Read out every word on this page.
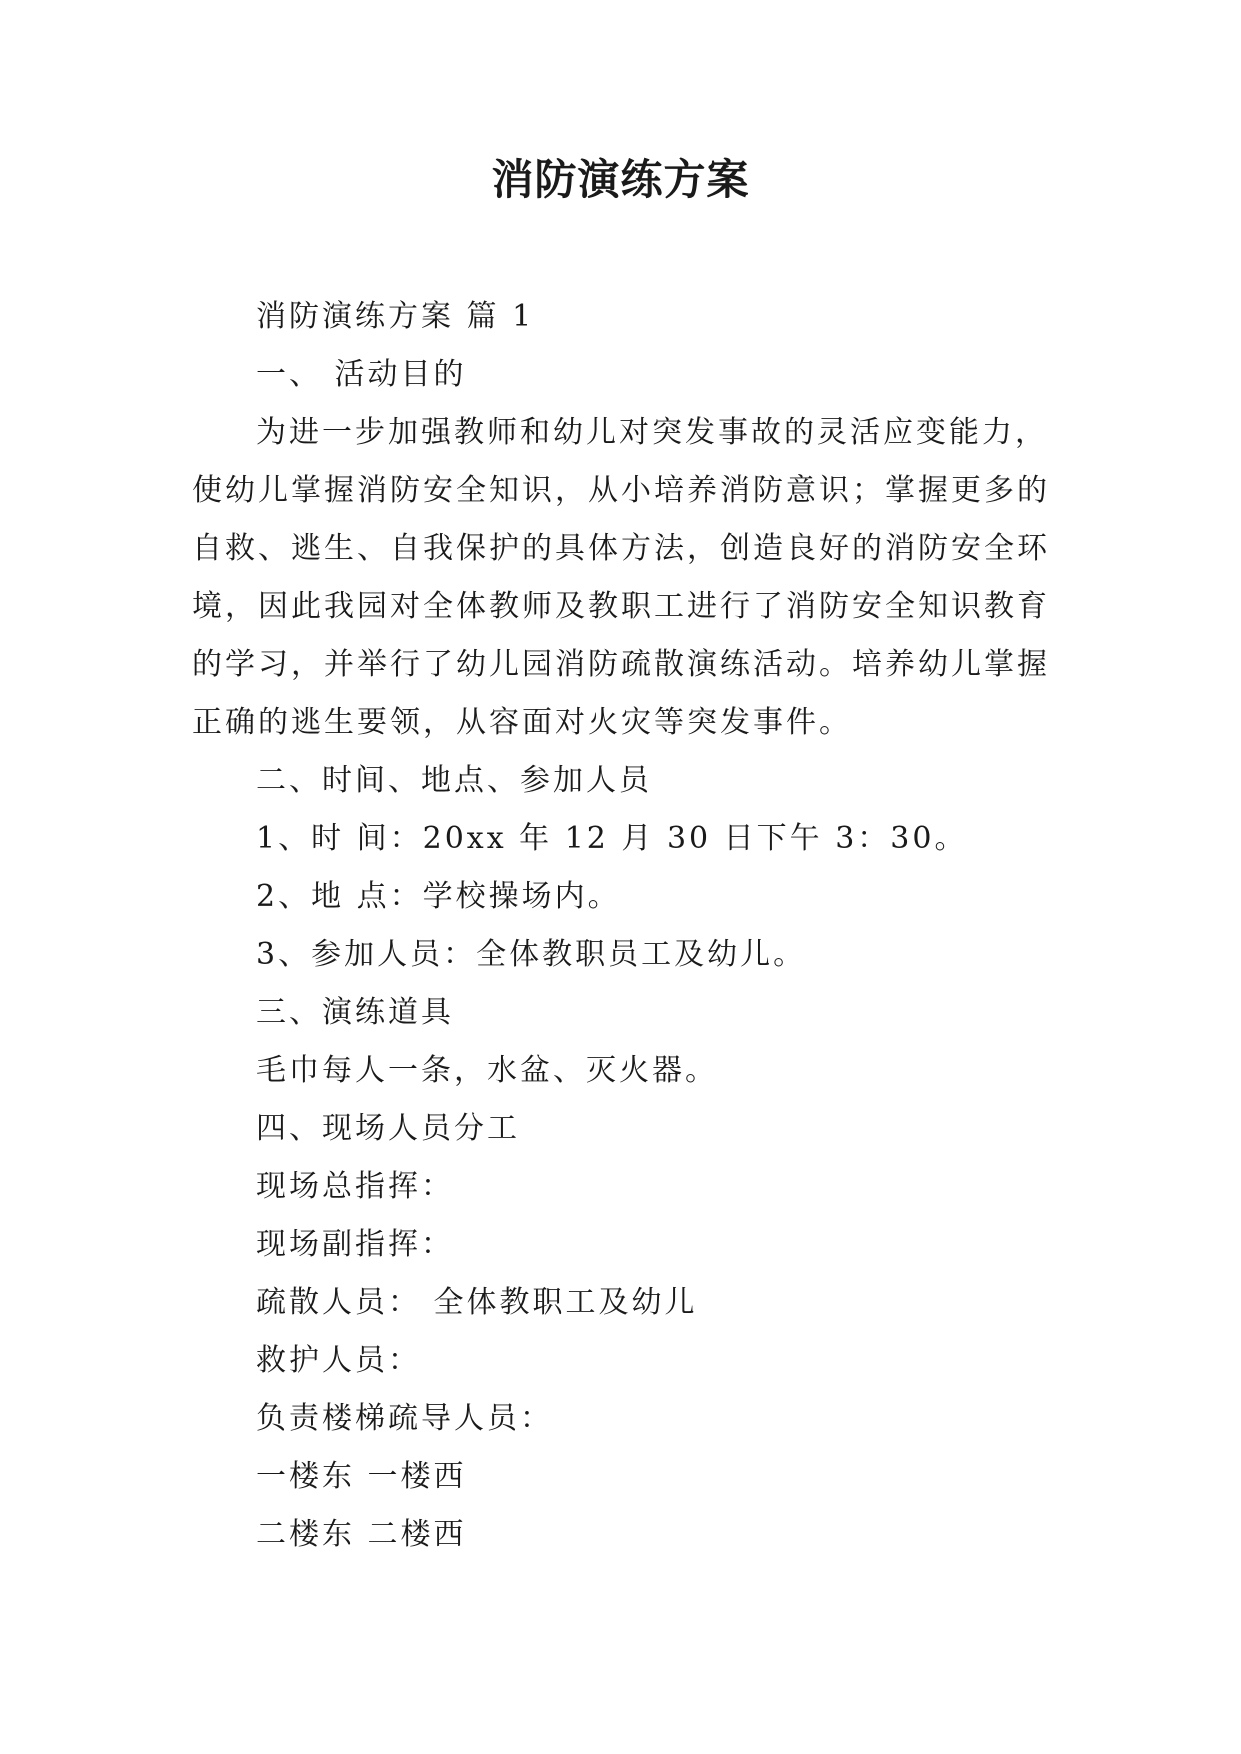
消防演练方案
消防演练方案 篇 1
一、 活动目的
为进一步加强教师和幼儿对突发事故的灵活应变能力，
使幼儿掌握消防安全知识，从小培养消防意识；掌握更多的
自救、逃生、自我保护的具体方法，创造良好的消防安全环
境，因此我园对全体教师及教职工进行了消防安全知识教育
的学习，并举行了幼儿园消防疏散演练活动。培养幼儿掌握
正确的逃生要领，从容面对火灾等突发事件。
二、时间、地点、参加人员
1、时 间：20xx 年 12 月 30 日下午 3：30。
2、地 点：学校操场内。
3、参加人员：全体教职员工及幼儿。
三、演练道具
毛巾每人一条，水盆、灭火器。
四、现场人员分工
现场总指挥：
现场副指挥：
疏散人员： 全体教职工及幼儿
救护人员：
负责楼梯疏导人员：
一楼东 一楼西
二楼东 二楼西
